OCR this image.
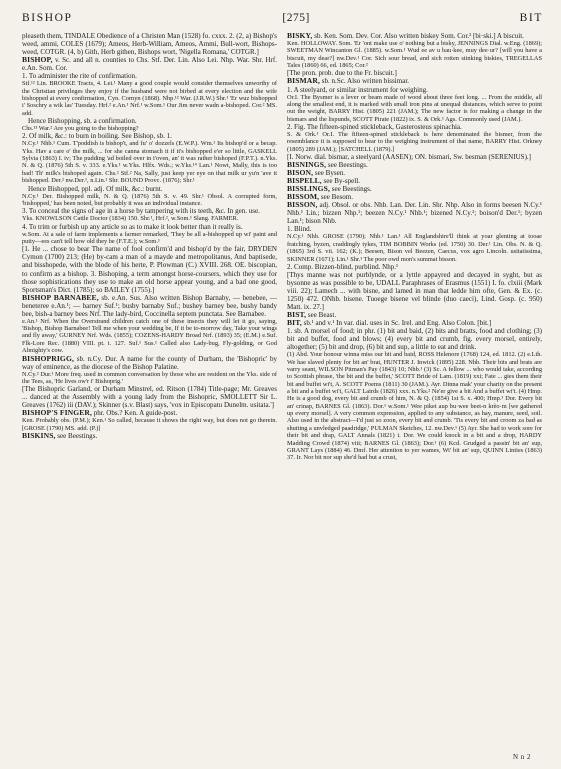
BISHOP	[275]	BIT

pleaseth them, TINDALE Obedience of a Christen Man (1528) fo. cxxx. 2. (2, a) Bishop's weed, ammi, COLES (1679); Ameos, Herb-William, Ameos, Ammi, Bull-wort, Bishops-weed, COTGR. (4, b) Gith, Herb githen, Bishops wort, 'Nigella Romana,' COTGR.]

BISHOP, v. Sc. and all n. counties to Chs. Stf. Der. Lin. Also Lei. Nhp. War. Shr. Hrf. e.An. Som. Cor.

1. To administer the rite of confirmation.

Stf.¹² Lin. BROOKE Tracts, 4. Lei.¹ Many a good couple would consider themselves unworthy of the Christian privileges they enjoy if the husband were not birbed at every election and the wife bishopped at every confirmation, Cyn. Cornyn (1868). Nhp.¹² War. (J.R.W.) Shr.¹ 'Er wuz bishopped i' Soschry a wik las' Tuesday. Hrf.² e.An.¹ Nrf.¹ w.Som.¹ Our Jim never wadn a-bishoped. Cor.² MS. add.

Hence Bishopping, sb. a confirmation.

Chs.¹³ War.² Are you going to the bishopping?

2. Of milk, &c.: to burn in boiling. See Bishop, sb. 1.

N.Cy.¹ Nhb.¹ Cum. T'poddish is bishop't, and fu' o' dozzels (E.W.P.). Wm.¹ Its bishop'd or a becap. Yks. Hav a care o' the milk, ... for she canna stomach it if it's bishopped e'er so little, GASKELL Sylvia (1863) I. iv; The pudding 'ad boiled over in t'oven, an' it was rather bishoped (F.P.T.). n.Yks. N. & Q. (1876) 5th S. v. 333. e.Yks.¹ w.Yks. Hlfx. Wds.; w.Yks.¹⁴ Lan.¹ Nowt, Mally, this is too bad! Th' milk's bishoped again. Chs.² Stf.² Na, Sally, just keep yer eye on that milk ur yu'n 'ave it bishopped. Der.² nw.Der.¹, n.Lin.¹ Shr. BOUND Provc. (1876); Shr.¹

Hence Bishopped, ppl. adj. Of milk, &c.: burnt.

N.Cy.¹ Der. Bishopped milk, N. & Q. (1876) 5th S. v. 49. Shr.¹ Obsol. A corrupted form, 'bishopped,' has been noted, but probably it was an individual instance.

3. To conceal the signs of age in a horse by tampering with its teeth, &c. In gen. use.

Yks. KNOWLSON Cattle Doctor (1834) 150. Shr.¹, Hrf.², w.Som.¹ Slang. FARMER.

4. To trim or furbish up any article so as to make it look better than it really is.

w.Som. At a sale of farm implements a farmer remarked, 'They be all a-bishopped up wi' paint and putty—ees can't tell how old they be (F.T.E.); w.Som.¹

[1. He ... chose to bear The name of fool confirm'd and bishop'd by the fair, DRYDEN Cymon (1700) 213; (He) by-cam a man of a mayde and metropolitanus, And baptisede, and bisshopede, with the blode of his herte, P. Plowman (C.) XVIII. 268. OE. biscopian, to confirm as a bishop. 3. Bishoping, a term amongst horse-coursers, which they use for those sophistications they use to make an old horse appear young, and a bad one good, Sportsman's Dict. (1785); so BAILEY (1755).]

BISHOP BARNABEE, sb. e.An. Sus. Also written Bishop Barnaby, — benebee, — beneteree e.An.¹; — barney Suf.¹; busby barnaby Suf.; bushey barney bee, bushy bandy bee, bish-a barney bees Nrf. The lady-bird, Coccinella septem punctata. See Barnabee.

e.An.¹ Nrf. When the Overstrand children catch one of these insects they will let it go, saying, 'Bishop, Bishop Barnabee! Tell me when your wedding be, If it be to-morrow day, Take your wings and fly away,' GURNEY Nrf. Wds. (1855); COZENS-HARDY Broad Nrf. (1893) 35; (E.M.) e.Suf. Flk-Lore Rec. (1880) VIII. pt. i. 127. Suf.¹ Sus.¹ Called also Lady-bug, Fly-golding, or God Almighty's cow.

BISHOPRIGG, sb. n.Cy. Dur. A name for the county of Durham, the 'Bishopric' by way of eminence, as the diocese of the Bishop Palatine.

N.Cy.² Dur.¹ More freq. used in common conversation by those who are resident on the Yks. side of the Tees, as, 'He lives ow'r i' Bishoprig.'

[The Bishopric Garland, or Durham Minstrel, ed. Ritson (1784) Title-page; Mr. Greaves ... danced at the Assembly with a young lady from the Bishopric, SMOLLETT Sir L. Greaves (1762) iii (DAV.); Skinner (s.v. Blast) says, 'vox in Episcopatu Dunelm. usitata.']

BISHOP'S FINGER, phr. Obs.? Ken. A guide-post.

Ken. Probably obs. (P.M.); Ken.¹ So called, because it shows the right way, but does not go therein. [GROSE (1790) MS. add. (P.)]

BISKINS, see Beestings.

BISKY, sb. Ken. Som. Dev. Cor. Also written biskey Som. Cor.² [bi·ski.] A biscuit.

Ken. HOLLOWAY. Som. 'Er 'ont make use o' nothing but a bisky, JENNINGS Dial. w.Eng. (1869); SWEETMAN Wincanton Gl. (1885). w.Som.¹ Wud ee av u bau·kee, muy dee·ur? [will you have a biscuit, my dear?] nw.Dev.¹ Cor. Sich sour bread, and sich rotten stinking biskies, TREGELLAS Tales (1860) 66, ed. 1865; Cor.²

[The pron. prob. due to the Fr. biscuit.]

BISMAR, sb. n.Sc. Also written bissimar.

1. A steelyard, or similar instrument for weighing.

Or.I. The Bysmer is a lever or beam made of wood about three feet long. ... From the middle, all along the smallest end, it is marked with small iron pins at unequal distances, which serve to point out the weight, BARRY Hist. (1805) 221 (JAM.); The new factor is for making a change in the bismars and the lispunds, SCOTT Pirate (1822) ix. S. & Ork.¹ Ags. Commonly used (JAM.).

2. Fig. The fifteen-spined stickleback, Gasterosteus spinachia.

S. & Ork.¹ Or.I. The fifteen-spined stickleback is here denominated the bismer, from the resemblance it is supposed to bear to the weighing instrument of that name, BARRY Hist. Orkney (1805) 289 (JAM.); [SATCHELL (1879).]

[I. Norw. dial. bismar, a steelyard (AASEN); ON. bismari, Sw. besman (SERENIUS).]

BISNINGS, see Beestings.

BISON, see Bysen.

BISPELL, see By-spell.

BISSLINGS, see Beestings.

BISSOM, see Besom.

BISSON, adj. Obsol. or obs. Nhb. Lan. Der. Lin. Shr. Nhp. Also in forms beesen N.Cy.¹ Nhb.¹ Lin.; bizzen Nhp.¹; beezen N.Cy.¹ Nhb.¹; bizened N.Cy.²; boison'd Der.¹; byzen Lan.¹; bison Nhb.

1. Blind.

N.Cy.¹ Nhb. GROSE (1790); Nhb.¹ Lan.¹ All Englandshire'll think at yoar glenting at tooae fratching, byzen, craddingly tykes, TIM BOBBIN Works (ed. 1750) 30. Der.¹ Lin. Obs. N. & Q. (1865) 3rd S. vii. 162; (K.); Beesen, Bison vel Beezen, Caecus, vox agro Lincoln. usitatissima, SKINNER (1671); Lin.¹ Shr.¹ The poor owd mon's summat bisson.

2. Comp. Bizzen-blind, purblind. Nhp.¹

[Thys manne was not purblynde, or a lyttle appayred and decayed in syght, but as bysonne as was possible to be, UDALL Paraphrases of Erasmus (1551) I. fo. clxiii (Mark viii. 22); Lamech ... with bisne, and lamed in man that ledde him ofte, Gen. & Ex. (c. 1250) 472. ONhb. bisene. Tuoege bisene vel blinde (duo caeci), Lind. Gosp. (c. 950) Matt. ix. 27.]

BIST, see Beast.

BIT, sb.¹ and v.¹ In var. dial. uses in Sc. Irel. and Eng. Also Colon. [bit.]

1. sb. A morsel of food; in phr. (1) bit and baid, (2) bits and bratts, food and clothing; (3) bit and buffet, food and blows; (4) every bit and crumb, fig. every morsel, entirely, altogether; (5) bit and drop, (6) bit and sup, a little to eat and drink.

(1) Abd. Your honour winna miss our bit and baid, ROSS Helenore (1768) 124, ed. 1812. (2) e.Lth. We hae slaved plenty for bit an' brat, HUNTER J. Inwick (1895) 228. Nhb. Their bits and brats are varry seant, WILSON Pitman's Pay (1843) 10; Nhb.¹ (3) Sc. A fellow ... who would take, according to Scottish phrase, 'the bit and the buffet,' SCOTT Bride of Lam. (1819) xxi; Fate ... gies them their bit and buffet wi't, A. SCOTT Poems (1811) 30 (JAM.). Ayr. Dinna mak' your charity on the present a bit and a buffet wi't, GALT Lairds (1826) xxx. n.Yks.² Ne'er give a bit And a buffet wi't. (4) Hmp. He is a good dog, every bit and crumb of him, N. & Q. (1854) 1st S. x. 400; Hmp.¹ Dor. Every bit an' crinap, BARNES Gl. (1863). Dor.¹ w.Som.¹ Wee piket aup bu·wee beet-n krèo·m [we gathered up every morsel]. A very common expression, applied to any substance, as hay, manure, seed, soil. Also used in the abstract—I'd just so zoon, every bit and crumb. 'Tis every bit and croom za bad as shutting a unvledged paadridge,' PULMAN Sketches, 12. nw.Dev.¹ (5) Ayr. She had to work sore for their bit and drap, GALT Annals (1821) i. Dor. We could knock in a bit and a drop, HARDY Madding Crowd (1874) viii; BARNES Gl. (1863); Dor.¹ (6) Kcd. Grudged a passin' bit an' sup, GRANT Lays (1884) 46. Dmf. Her attention to yer wames, Wi' bit an' sup, QUINN Linties (1863) 37. Ir. Nor bit nor sup she'd had but a crust,

N n 2
